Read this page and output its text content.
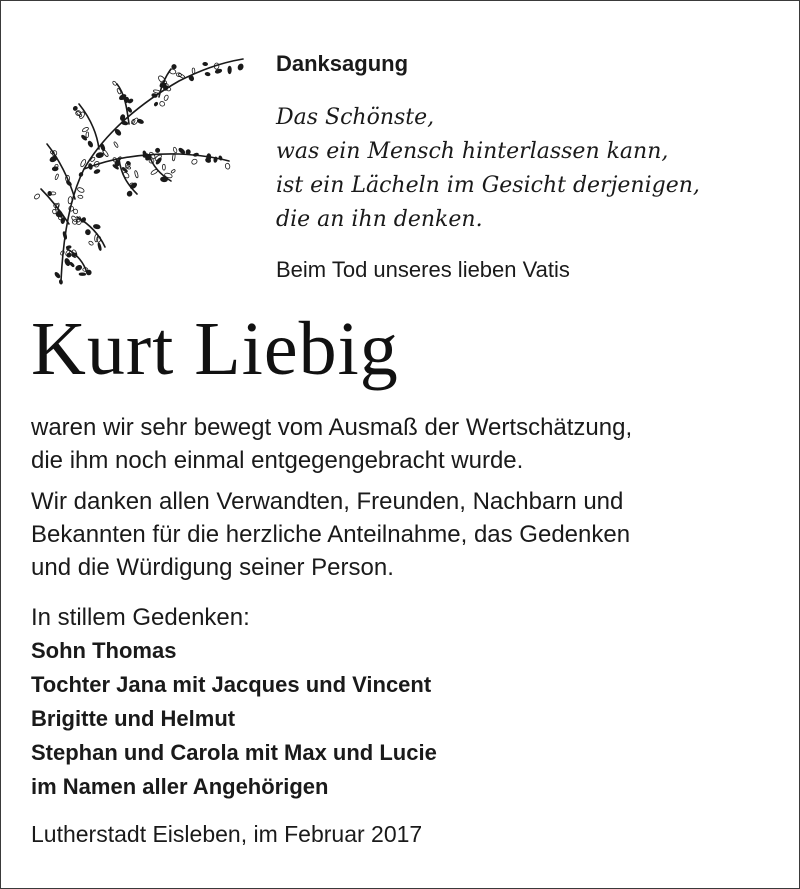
Danksagung
Das Schönste,
was ein Mensch hinterlassen kann,
ist ein Lächeln im Gesicht derjenigen,
die an ihn denken.
Beim Tod unseres lieben Vatis
Kurt Liebig
waren wir sehr bewegt vom Ausmaß der Wertschätzung,
die ihm noch einmal entgegengebracht wurde.
Wir danken allen Verwandten, Freunden, Nachbarn und
Bekannten für die herzliche Anteilnahme, das Gedenken
und die Würdigung seiner Person.
In stillem Gedenken:
Sohn Thomas
Tochter Jana mit Jacques und Vincent
Brigitte und Helmut
Stephan und Carola mit Max und Lucie
im Namen aller Angehörigen
Lutherstadt Eisleben, im Februar 2017
